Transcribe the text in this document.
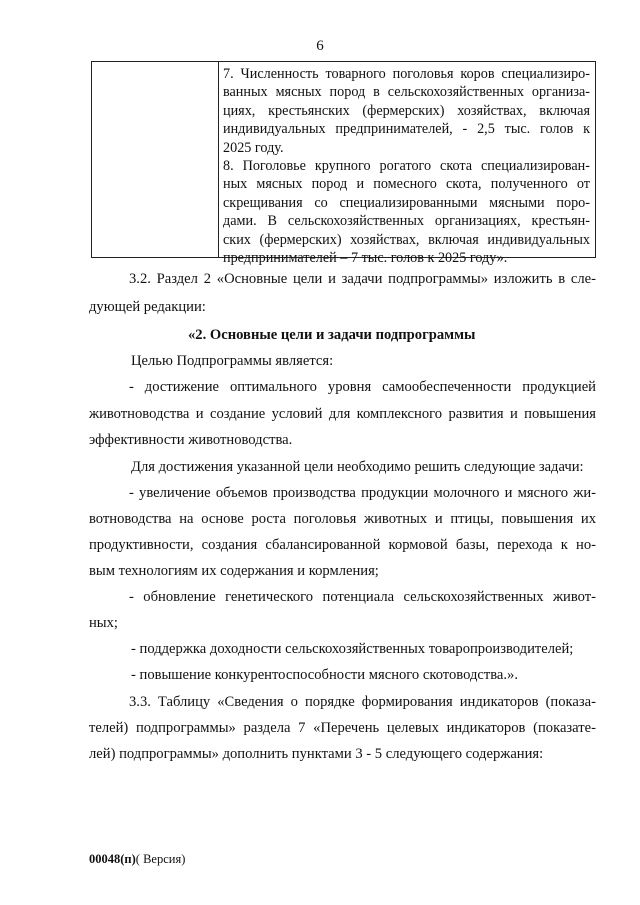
6

7. Численность товарного поголовья коров специализиро-

ванных мясных пород в сельскохозяйственных организа-

циях, крестьянских (фермерских) хозяйствах, включая

индивидуальных предпринимателей, - 2,5 тыс. голов к

2025 году.

8. Поголовье крупного рогатого скота специализирован-

ных мясных пород и помесного скота, полученного от

скрещивания со специализированными мясными поро-

дами. В сельскохозяйственных организациях, крестьян-

ских (фермерских) хозяйствах, включая индивидуальных

предпринимателей – 7 тыс. голов к 2025 году».

3.2. Раздел 2 «Основные цели и задачи подпрограммы» изложить в сле-
дующей редакции:
«2. Основные цели и задачи подпрограммы
Целью Подпрограммы является:
- достижение оптимального уровня самообеспеченности продукцией
животноводства и создание условий для комплексного развития и повышения
эффективности животноводства.
Для достижения указанной цели необходимо решить следующие задачи:
- увеличение объемов производства продукции молочного и мясного жи-
вотноводства на основе роста поголовья животных и птицы, повышения их
продуктивности, создания сбалансированной кормовой базы, перехода к но-
вым технологиям их содержания и кормления;
- обновление генетического потенциала сельскохозяйственных живот-
ных;
- поддержка доходности сельскохозяйственных товаропроизводителей;
- повышение конкурентоспособности мясного скотоводства.».
3.3. Таблицу «Сведения о порядке формирования индикаторов (показа-
телей) подпрограммы» раздела 7 «Перечень целевых индикаторов (показате-
лей) подпрограммы» дополнить пунктами 3 - 5 следующего содержания:
00048(п)( Версия)
